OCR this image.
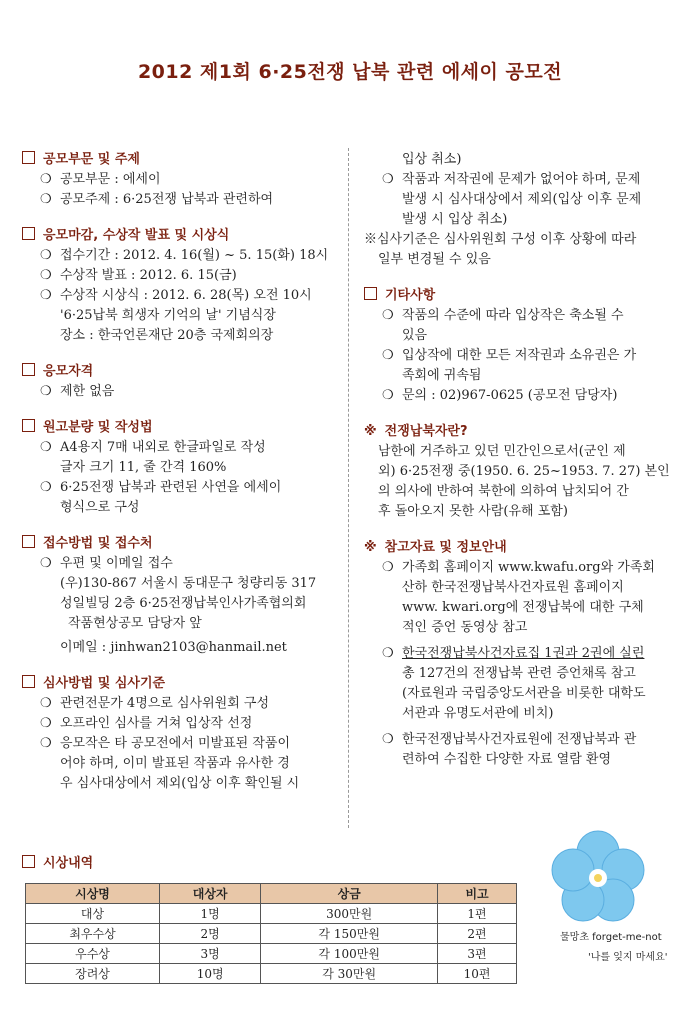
2012 제1회 6·25전쟁 납북 관련 에세이 공모전
공모부문 및 주제
❍ 공모부문 : 에세이
❍ 공모주제 : 6·25전쟁 납북과 관련하여
응모마감, 수상작 발표 및 시상식
❍ 접수기간 : 2012. 4. 16(월) ~ 5. 15(화) 18시
❍ 수상작 발표 : 2012. 6. 15(금)
❍ 수상작 시상식 : 2012. 6. 28(목) 오전 10시
'6·25납북 희생자 기억의 날' 기념식장
장소 : 한국언론재단 20층 국제회의장
응모자격
❍ 제한 없음
원고분량 및 작성법
❍ A4용지 7매 내외로 한글파일로 작성
글자 크기 11, 줄 간격 160%
❍ 6·25전쟁 납북과 관련된 사연을 에세이
형식으로 구성
접수방법 및 접수처
❍ 우편 및 이메일 접수
(우)130-867 서울시 동대문구 청량리동 317
성일빌딩 2층 6·25전쟁납북인사가족협의회
작품현상공모 담당자 앞
이메일 : jinhwan2103@hanmail.net
심사방법 및 심사기준
❍ 관련전문가 4명으로 심사위원회 구성
❍ 오프라인 심사를 거쳐 입상작 선정
❍ 응모작은 타 공모전에서 미발표된 작품이
어야 하며, 이미 발표된 작품과 유사한 경
우 심사대상에서 제외(입상 이후 확인될 시
입상 취소)
❍ 작품과 저작권에 문제가 없어야 하며, 문제
발생 시 심사대상에서 제외(입상 이후 문제
발생 시 입상 취소)
※심사기준은 심사위원회 구성 이후 상황에 따라
일부 변경될 수 있음
기타사항
❍ 작품의 수준에 따라 입상작은 축소될 수
있음
❍ 입상작에 대한 모든 저작권과 소유권은 가
족회에 귀속됨
❍ 문의 : 02)967-0625 (공모전 담당자)
※ 전쟁납북자란?
남한에 거주하고 있던 민간인으로서(군인 제
외) 6·25전쟁 중(1950. 6. 25~1953. 7. 27) 본인
의 의사에 반하여 북한에 의하여 납치되어 간
후 돌아오지 못한 사람(유해 포함)
※ 참고자료 및 정보안내
❍ 가족회 홈페이지 www.kwafu.org와 가족회
산하 한국전쟁납북사건자료원 홈페이지
www. kwari.org에 전쟁납북에 대한 구체
적인 증언 동영상 참고
❍ 한국전쟁납북사건자료집 1권과 2권에 실린
총 127건의 전쟁납북 관련 증언채록 참고
(자료원과 국립중앙도서관을 비롯한 대학도
서관과 유명도서관에 비치)
❍ 한국전쟁납북사건자료원에 전쟁납북과 관
련하여 수집한 다양한 자료 열람 환영
시상내역
시상명	대상자	상금	비고
대상	1명	300만원	1편
최우수상	2명	각 150만원	2편
우수상	3명	각 100만원	3편
장려상	10명	각 30만원	10편
물망초 forget-me-not
'나를 잊지 마세요'
